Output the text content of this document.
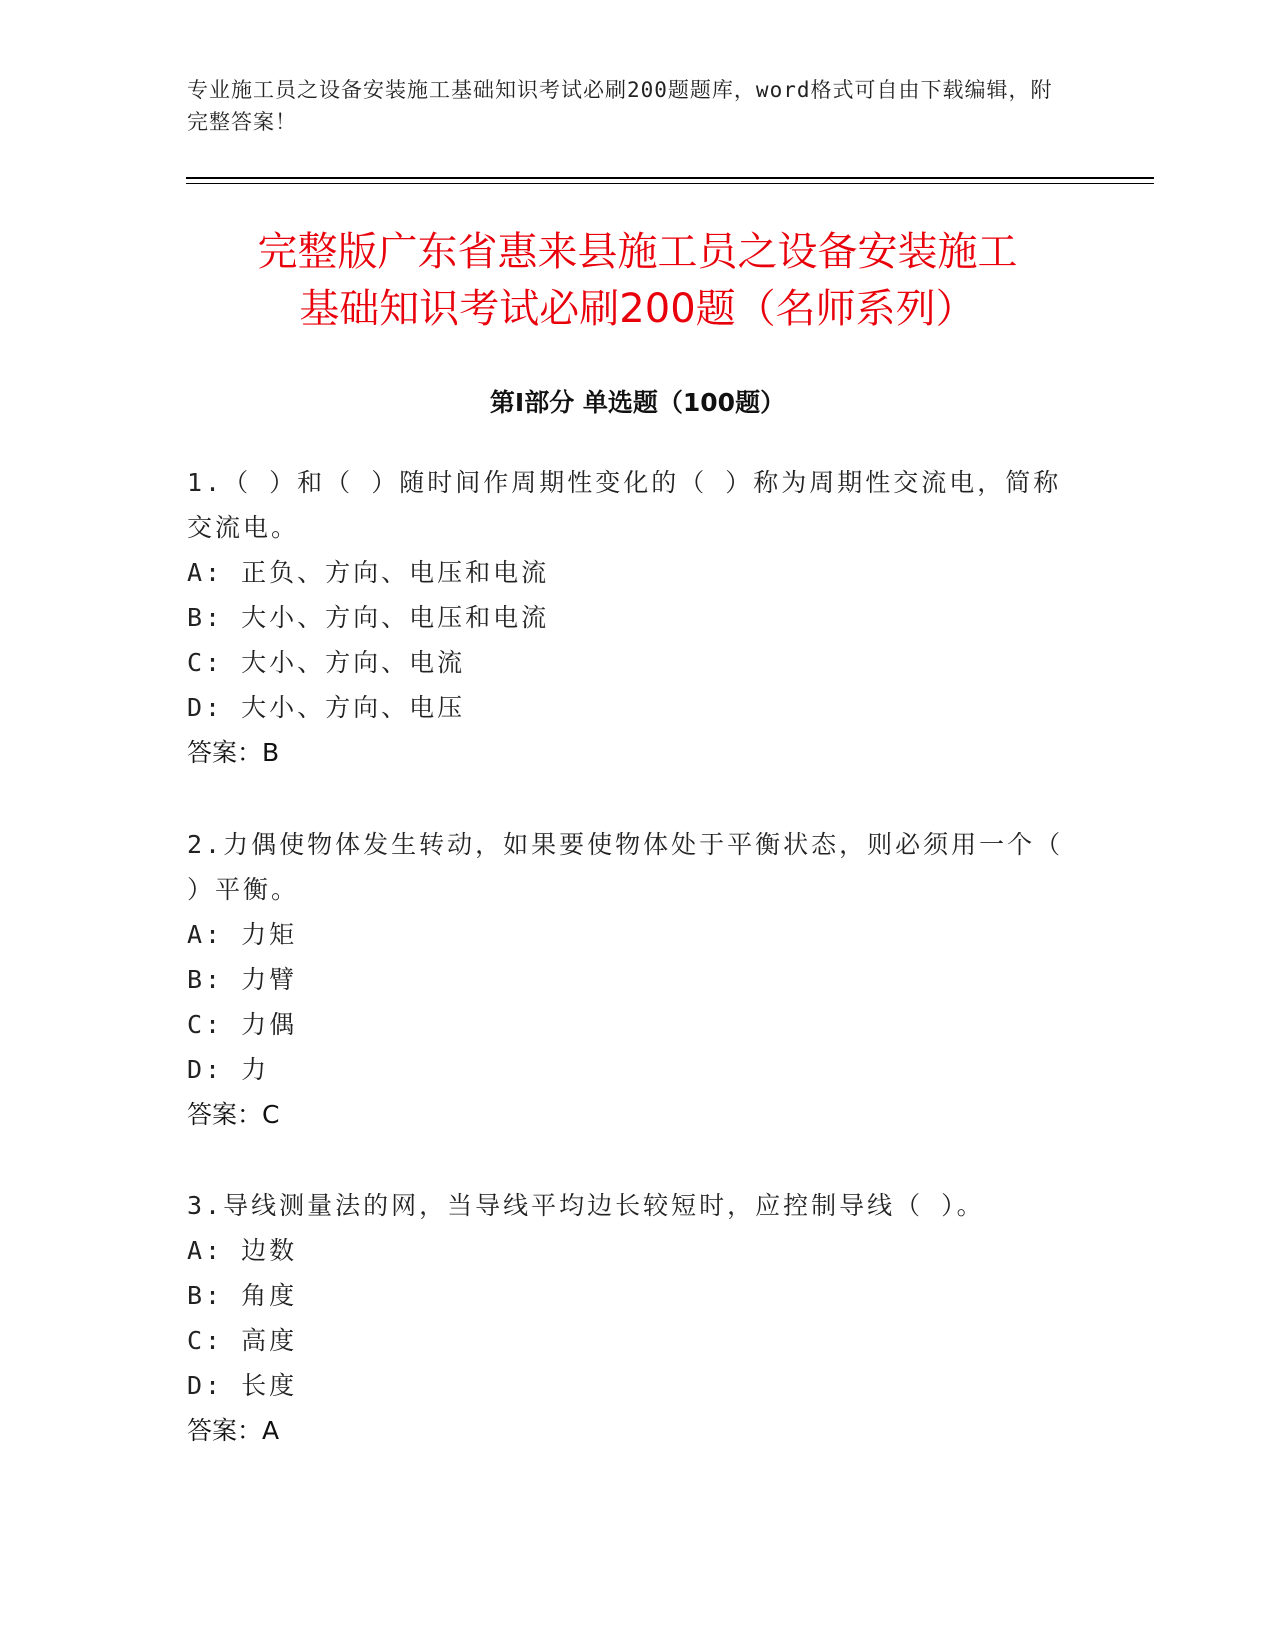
专业施工员之设备安装施工基础知识考试必刷200题题库，word格式可自由下载编辑，附完整答案！
完整版广东省惠来县施工员之设备安装施工
基础知识考试必刷200题（名师系列）
第Ⅰ部分 单选题（100题）
1.（ ）和（ ）随时间作周期性变化的（ ）称为周期性交流电，简称交流电。
A: 正负、方向、电压和电流
B: 大小、方向、电压和电流
C: 大小、方向、电流
D: 大小、方向、电压
答案：B
2.力偶使物体发生转动，如果要使物体处于平衡状态，则必须用一个（ ）平衡。
A: 力矩
B: 力臂
C: 力偶
D: 力
答案：C
3.导线测量法的网，当导线平均边长较短时，应控制导线（ ）。
A: 边数
B: 角度
C: 高度
D: 长度
答案：A
